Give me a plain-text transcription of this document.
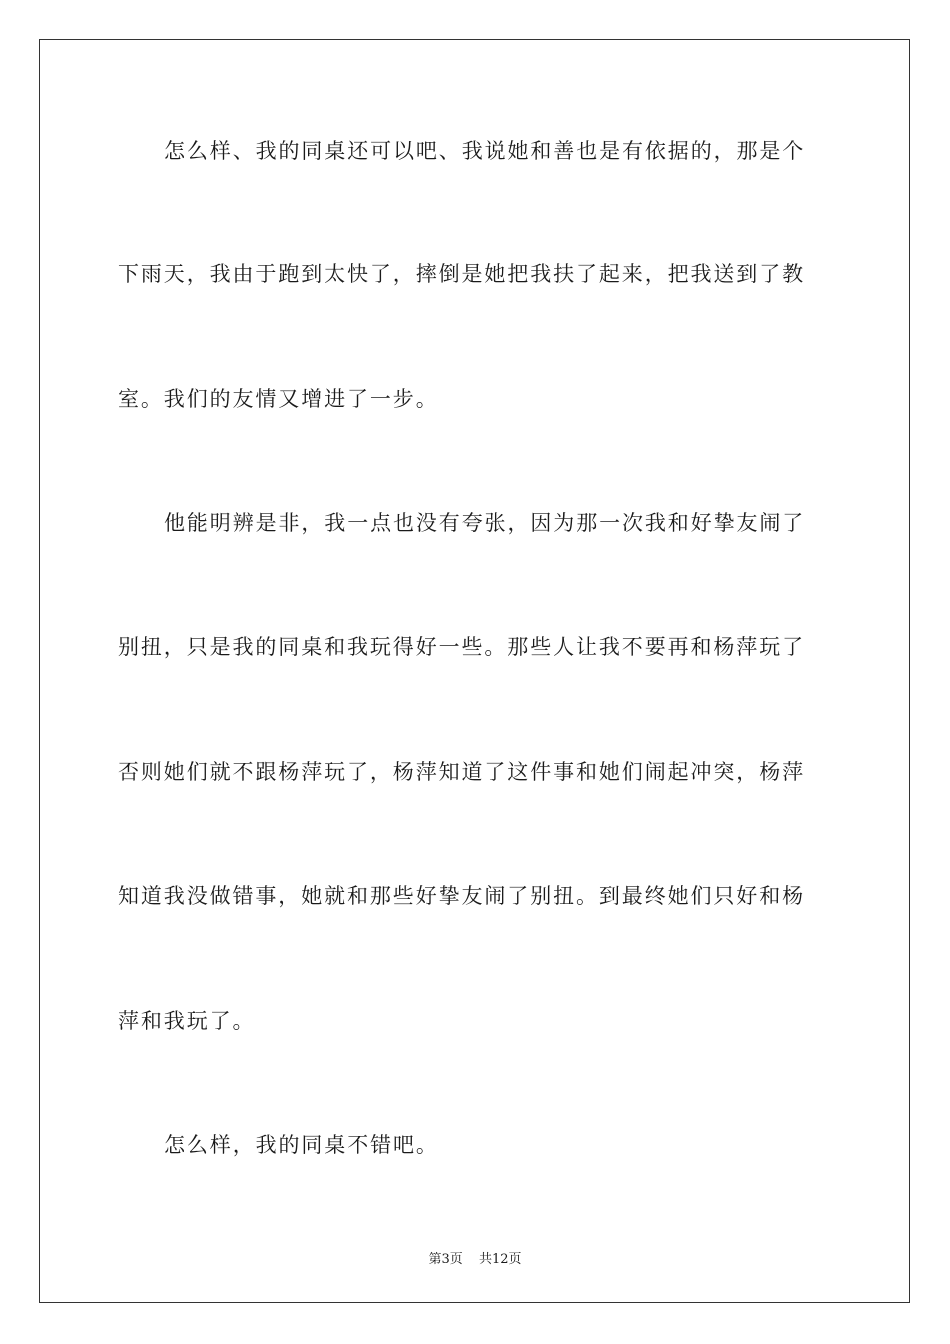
怎么样、我的同桌还可以吧、我说她和善也是有依据的，那是个

下雨天，我由于跑到太快了，摔倒是她把我扶了起来，把我送到了教

室。我们的友情又增进了一步。

他能明辨是非，我一点也没有夸张，因为那一次我和好挚友闹了

别扭，只是我的同桌和我玩得好一些。那些人让我不要再和杨萍玩了

否则她们就不跟杨萍玩了，杨萍知道了这件事和她们闹起冲突，杨萍

知道我没做错事，她就和那些好挚友闹了别扭。到最终她们只好和杨

萍和我玩了。

怎么样，我的同桌不错吧。

第3页 共12页
